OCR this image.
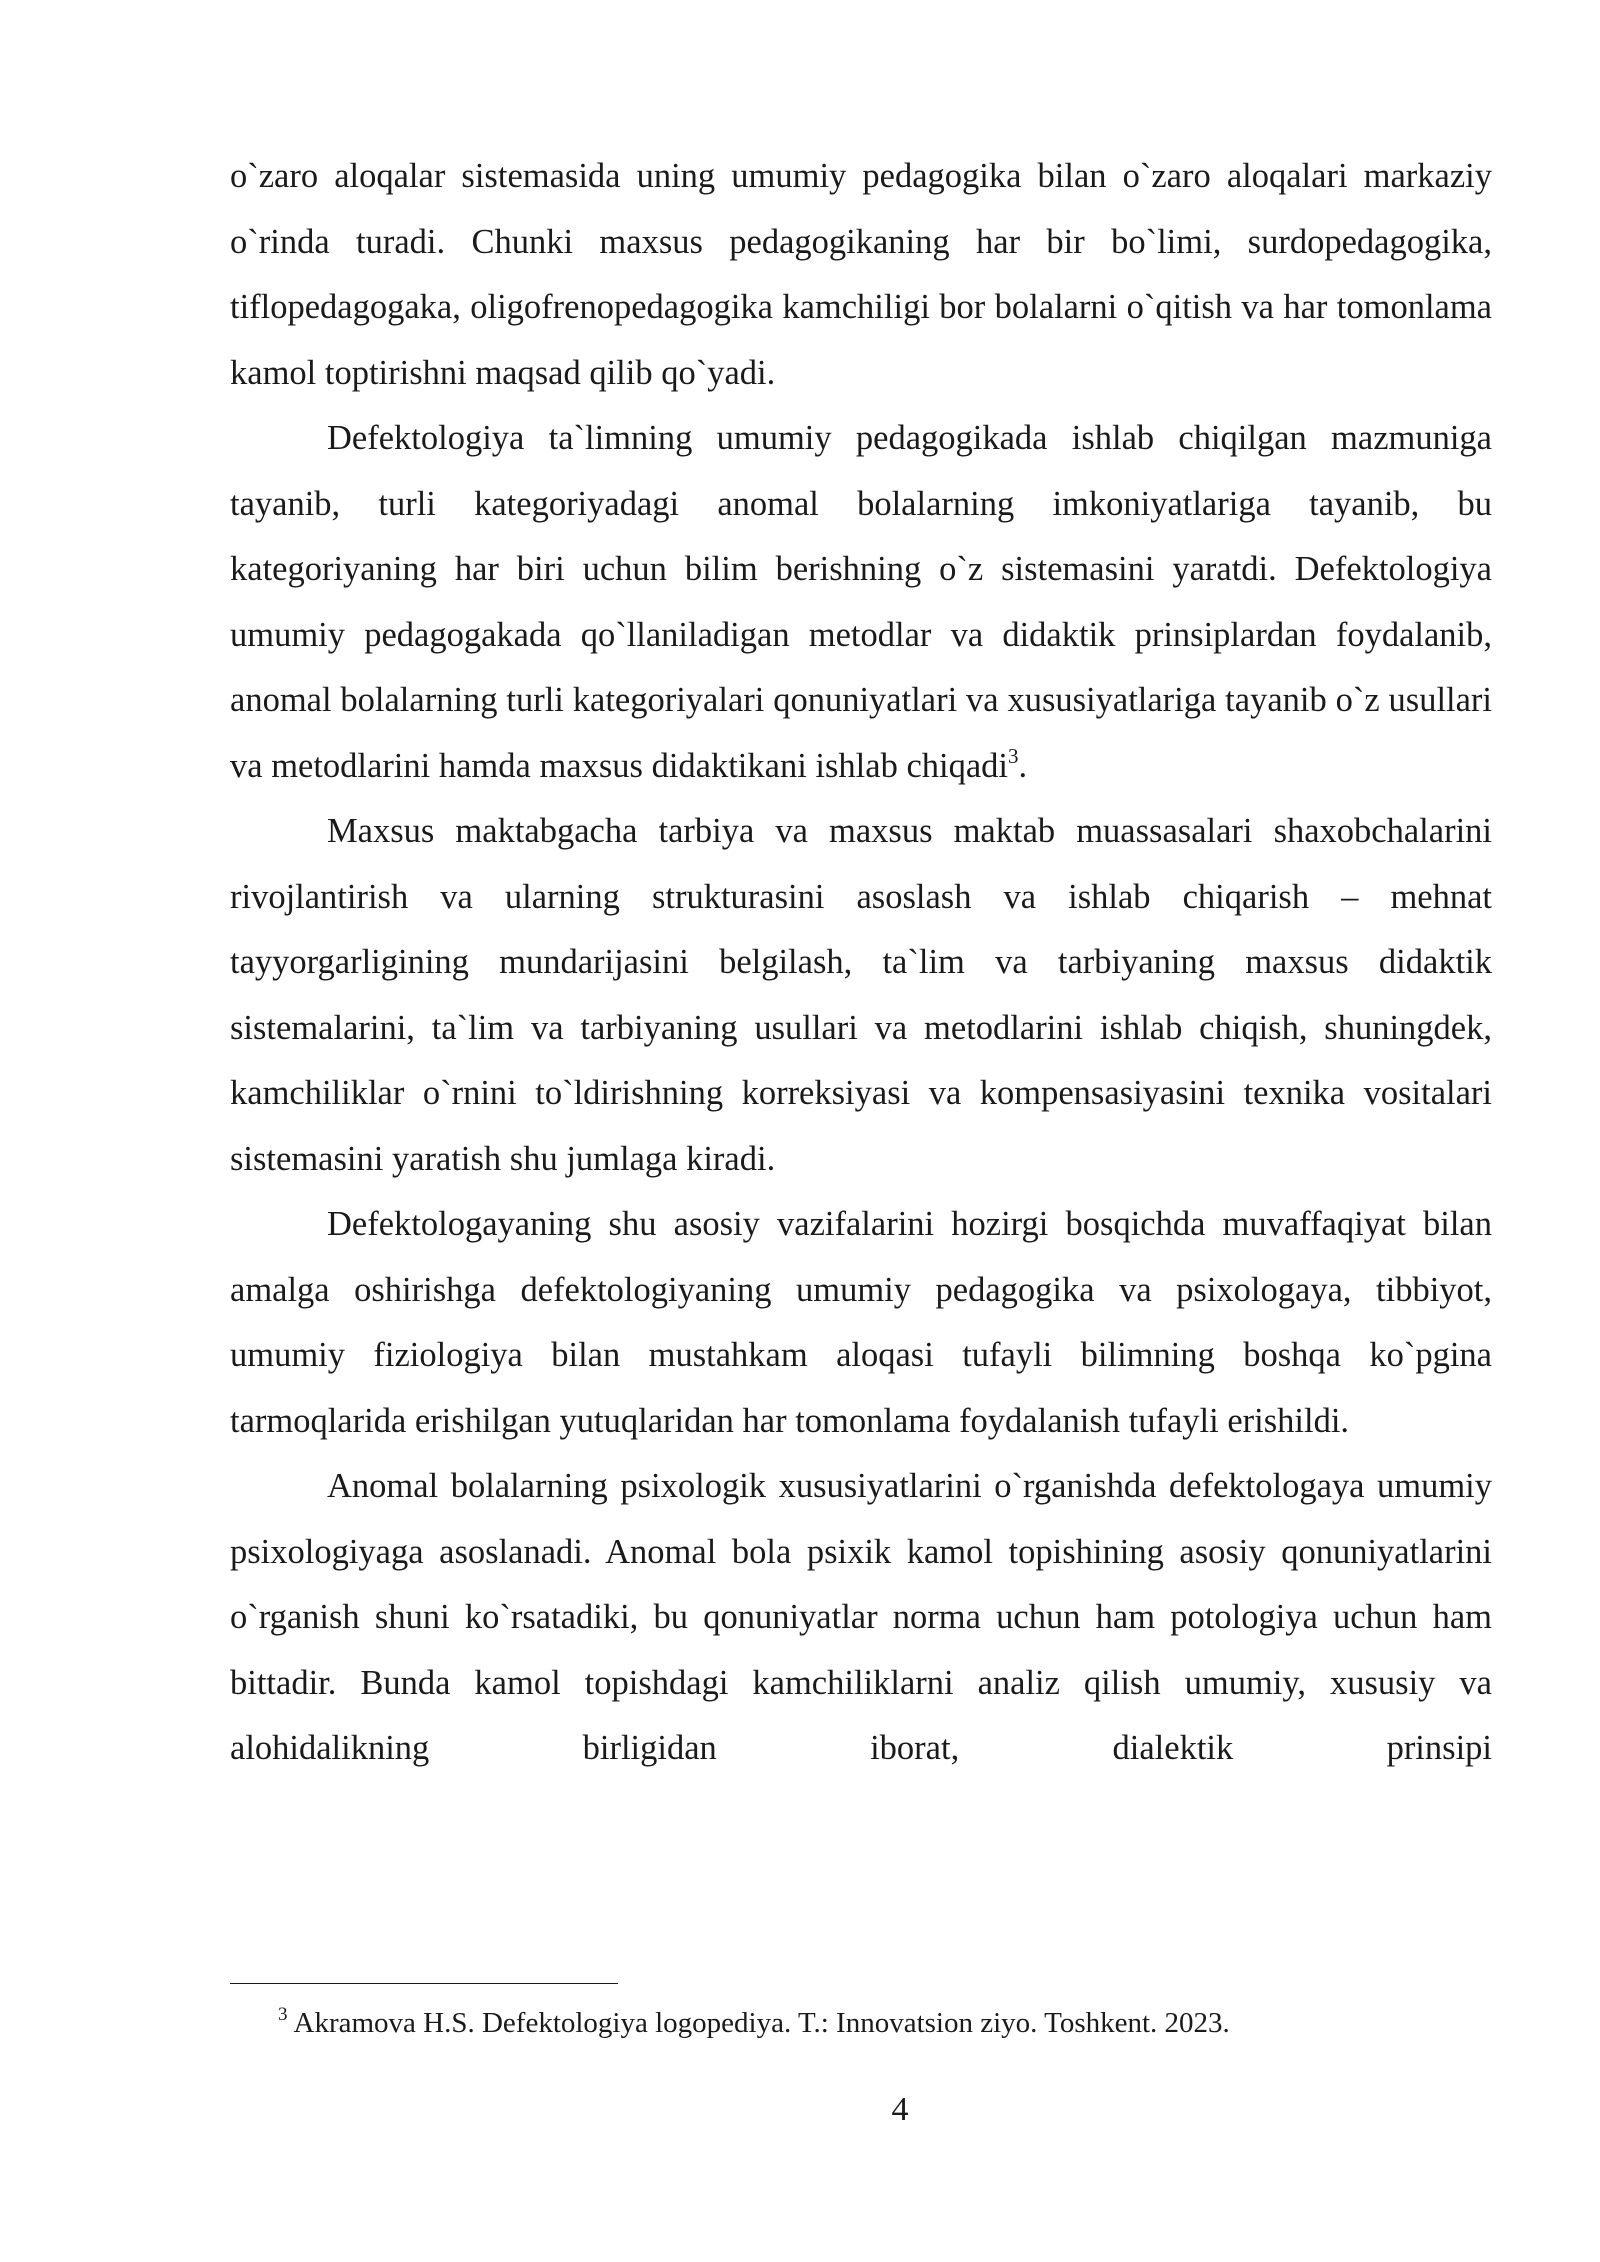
o`zaro aloqalar sistemasida uning umumiy pedagogika bilan o`zaro aloqalari markaziy o`rinda turadi. Chunki maxsus pedagogikaning har bir bo`limi, surdopedagogika, tiflopedagogaka, oligofrenopedagogika kamchiligi bor bolalarni o`qitish va har tomonlama kamol toptirishni maqsad qilib qo`yadi.

Defektologiya ta`limning umumiy pedagogikada ishlab chiqilgan mazmuniga tayanib, turli kategoriyadagi anomal bolalarning imkoniyatlariga tayanib, bu kategoriyaning har biri uchun bilim berishning o`z sistemasini yaratdi. Defektologiya umumiy pedagogakada qo`llaniladigan metodlar va didaktik prinsiplardan foydalanib, anomal bolalarning turli kategoriyalari qonuniyatlari va xususiyatlariga tayanib o`z usullari va metodlarini hamda maxsus didaktikani ishlab chiqadi$^3$.

Maxsus maktabgacha tarbiya va maxsus maktab muassasalari shaxobchalarini rivojlantirish va ularning strukturasini asoslash va ishlab chiqarish – mehnat tayyorgarligining mundarijasini belgilash, ta`lim va tarbiyaning maxsus didaktik sistemalarini, ta`lim va tarbiyaning usullari va metodlarini ishlab chiqish, shuningdek, kamchiliklar o`rnini to`ldirishning korreksiyasi va kompensasiyasini texnika vositalari sistemasini yaratish shu jumlaga kiradi.

Defektologayaning shu asosiy vazifalarini hozirgi bosqichda muvaffaqiyat bilan amalga oshirishga defektologiyaning umumiy pedagogika va psixologaya, tibbiyot, umumiy fiziologiya bilan mustahkam aloqasi tufayli bilimning boshqa ko`pgina tarmoqlarida erishilgan yutuqlaridan har tomonlama foydalanish tufayli erishildi.

Anomal bolalarning psixologik xususiyatlarini o`rganishda defektologaya umumiy psixologiyaga asoslanadi. Anomal bola psixik kamol topishining asosiy qonuniyatlarini o`rganish shuni ko`rsatadiki, bu qonuniyatlar norma uchun ham potologiya uchun ham bittadir. Bunda kamol topishdagi kamchiliklarni analiz qilish umumiy, xususiy va alohidalikning birligidan iborat, dialektik prinsipi

$^3$ Akramova H.S. Defektologiya logopediya. T.: Innovatsion ziyo. Toshkent. 2023.
4
